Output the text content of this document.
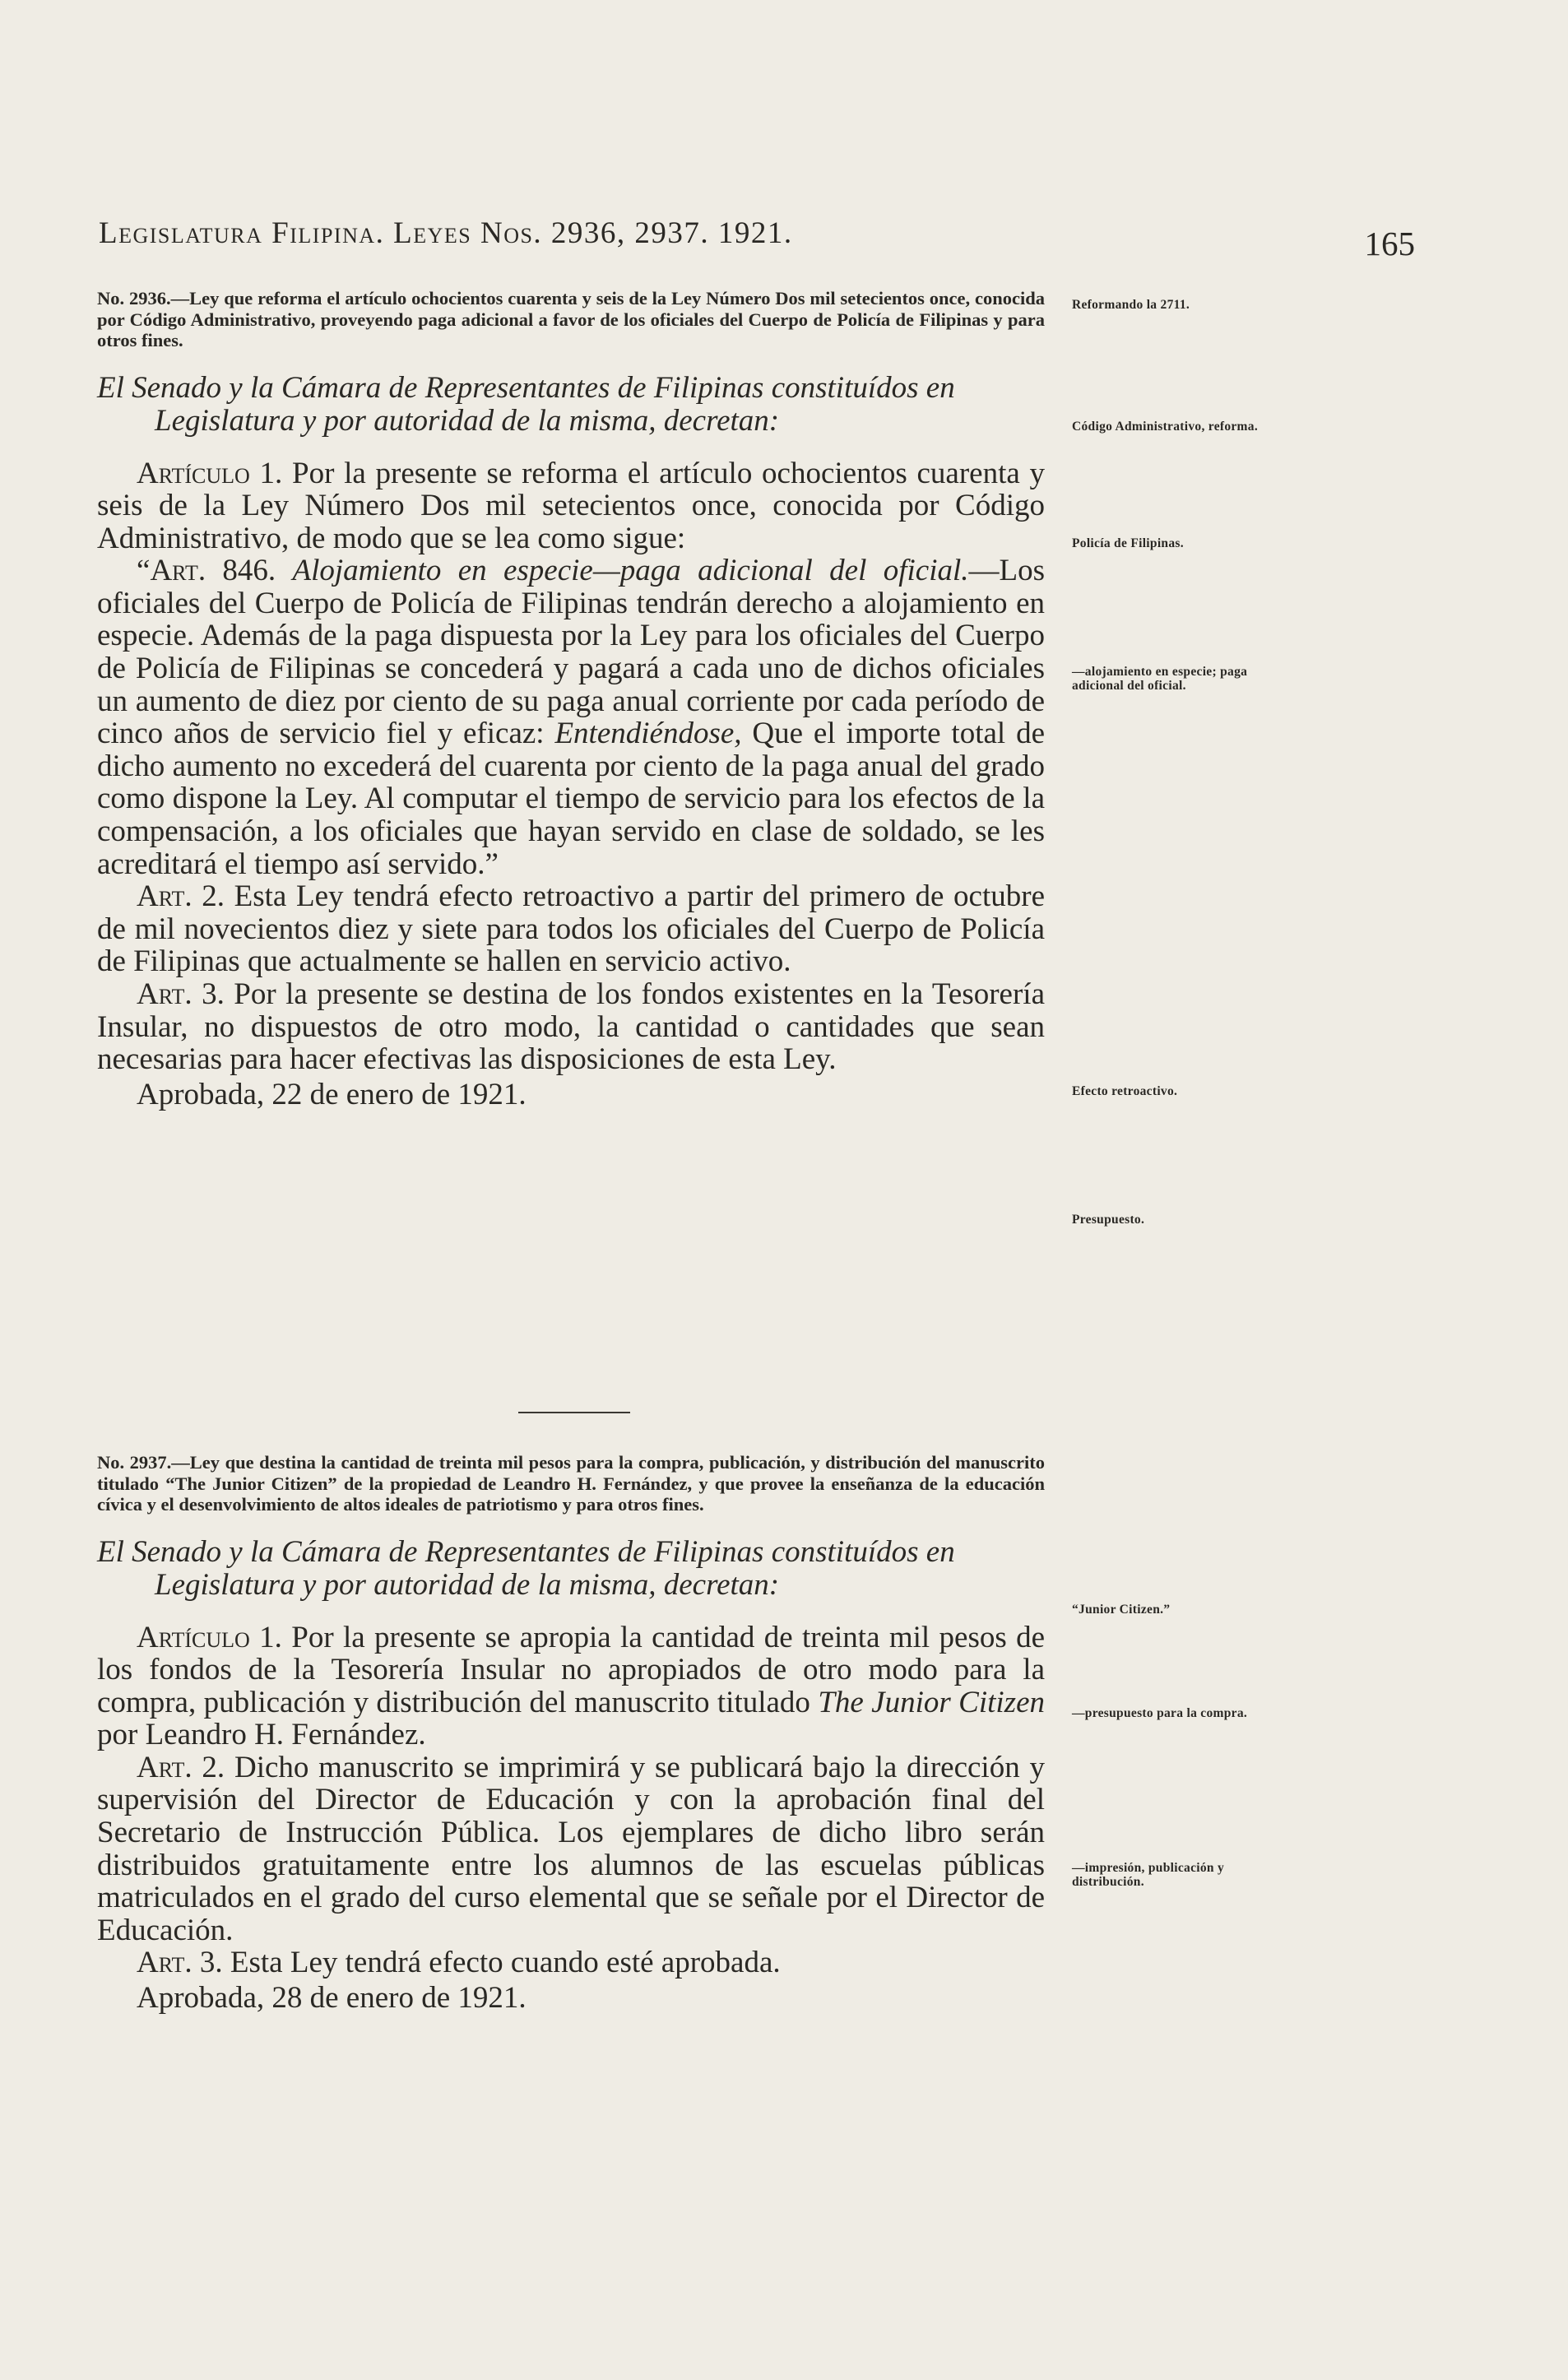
Legislatura Filipina. Leyes Nos. 2936, 2937. 1921.	165

No. 2936.—Ley que reforma el artículo ochocientos cuarenta y seis de la Ley Número Dos mil setecientos once, conocida por Código Administrativo, proveyendo paga adicional a favor de los oficiales del Cuerpo de Policía de Filipinas y para otros fines.

El Senado y la Cámara de Representantes de Filipinas constituídos en Legislatura y por autoridad de la misma, decretan:

Artículo 1. Por la presente se reforma el artículo ochocientos cuarenta y seis de la Ley Número Dos mil setecientos once, conocida por Código Administrativo, de modo que se lea como sigue:

“Art. 846. Alojamiento en especie—paga adicional del oficial.—Los oficiales del Cuerpo de Policía de Filipinas tendrán derecho a alojamiento en especie. Además de la paga dispuesta por la Ley para los oficiales del Cuerpo de Policía de Filipinas se concederá y pagará a cada uno de dichos oficiales un aumento de diez por ciento de su paga anual corriente por cada período de cinco años de servicio fiel y eficaz: Entendiéndose, Que el importe total de dicho aumento no excederá del cuarenta por ciento de la paga anual del grado como dispone la Ley. Al computar el tiempo de servicio para los efectos de la compensación, a los oficiales que hayan servido en clase de soldado, se les acreditará el tiempo así servido.”

Art. 2. Esta Ley tendrá efecto retroactivo a partir del primero de octubre de mil novecientos diez y siete para todos los oficiales del Cuerpo de Policía de Filipinas que actualmente se hallen en servicio activo.

Art. 3. Por la presente se destina de los fondos existentes en la Tesorería Insular, no dispuestos de otro modo, la cantidad o cantidades que sean necesarias para hacer efectivas las disposiciones de esta Ley.

Aprobada, 22 de enero de 1921.

No. 2937.—Ley que destina la cantidad de treinta mil pesos para la compra, publicación, y distribución del manuscrito titulado “The Junior Citizen” de la propiedad de Leandro H. Fernández, y que provee la enseñanza de la educación cívica y el desenvolvimiento de altos ideales de patriotismo y para otros fines.

El Senado y la Cámara de Representantes de Filipinas constituídos en Legislatura y por autoridad de la misma, decretan:

Artículo 1. Por la presente se apropia la cantidad de treinta mil pesos de los fondos de la Tesorería Insular no apropiados de otro modo para la compra, publicación y distribución del manuscrito titulado The Junior Citizen por Leandro H. Fernández.

Art. 2. Dicho manuscrito se imprimirá y se publicará bajo la dirección y supervisión del Director de Educación y con la aprobación final del Secretario de Instrucción Pública. Los ejemplares de dicho libro serán distribuidos gratuitamente entre los alumnos de las escuelas públicas matriculados en el grado del curso elemental que se señale por el Director de Educación.

Art. 3. Esta Ley tendrá efecto cuando esté aprobada.

Aprobada, 28 de enero de 1921.

Reformando la 2711.
Código Administrativo, reforma.
Policía de Filipinas.
—alojamiento en especie; paga adicional del oficial.
Efecto retroactivo.
Presupuesto.
“Junior Citizen.”
—presupuesto para la compra.
—impresión, publicación y distribución.
